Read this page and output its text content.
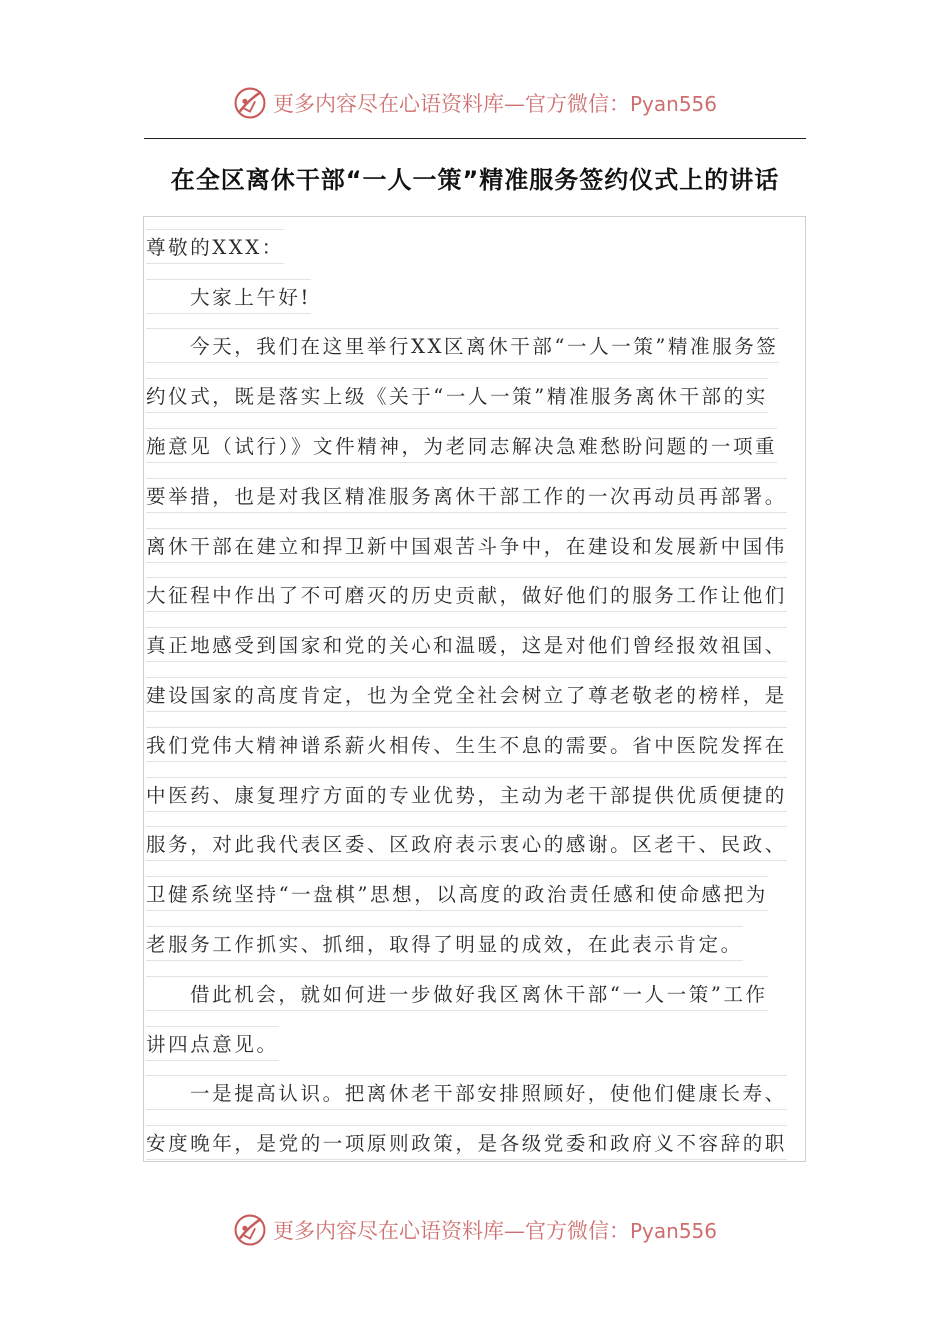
更多内容尽在心语资料库—官方微信：Pyan556
在全区离休干部“一人一策”精准服务签约仪式上的讲话
尊敬的XXX：
大家上午好!
今天，我们在这里举行XX区离休干部“一人一策”精准服务签
约仪式，既是落实上级《关于“一人一策”精准服务离休干部的实
施意见（试行）》文件精神，为老同志解决急难愁盼问题的一项重
要举措，也是对我区精准服务离休干部工作的一次再动员再部署。
离休干部在建立和捍卫新中国艰苦斗争中，在建设和发展新中国伟
大征程中作出了不可磨灭的历史贡献，做好他们的服务工作让他们
真正地感受到国家和党的关心和温暖，这是对他们曾经报效祖国、
建设国家的高度肯定，也为全党全社会树立了尊老敬老的榜样，是
我们党伟大精神谱系薪火相传、生生不息的需要。省中医院发挥在
中医药、康复理疗方面的专业优势，主动为老干部提供优质便捷的
服务，对此我代表区委、区政府表示衷心的感谢。区老干、民政、
卫健系统坚持“一盘棋”思想，以高度的政治责任感和使命感把为
老服务工作抓实、抓细，取得了明显的成效，在此表示肯定。
借此机会，就如何进一步做好我区离休干部“一人一策”工作
讲四点意见。
一是提高认识。把离休老干部安排照顾好，使他们健康长寿、
安度晚年，是党的一项原则政策，是各级党委和政府义不容辞的职
更多内容尽在心语资料库—官方微信：Pyan556
